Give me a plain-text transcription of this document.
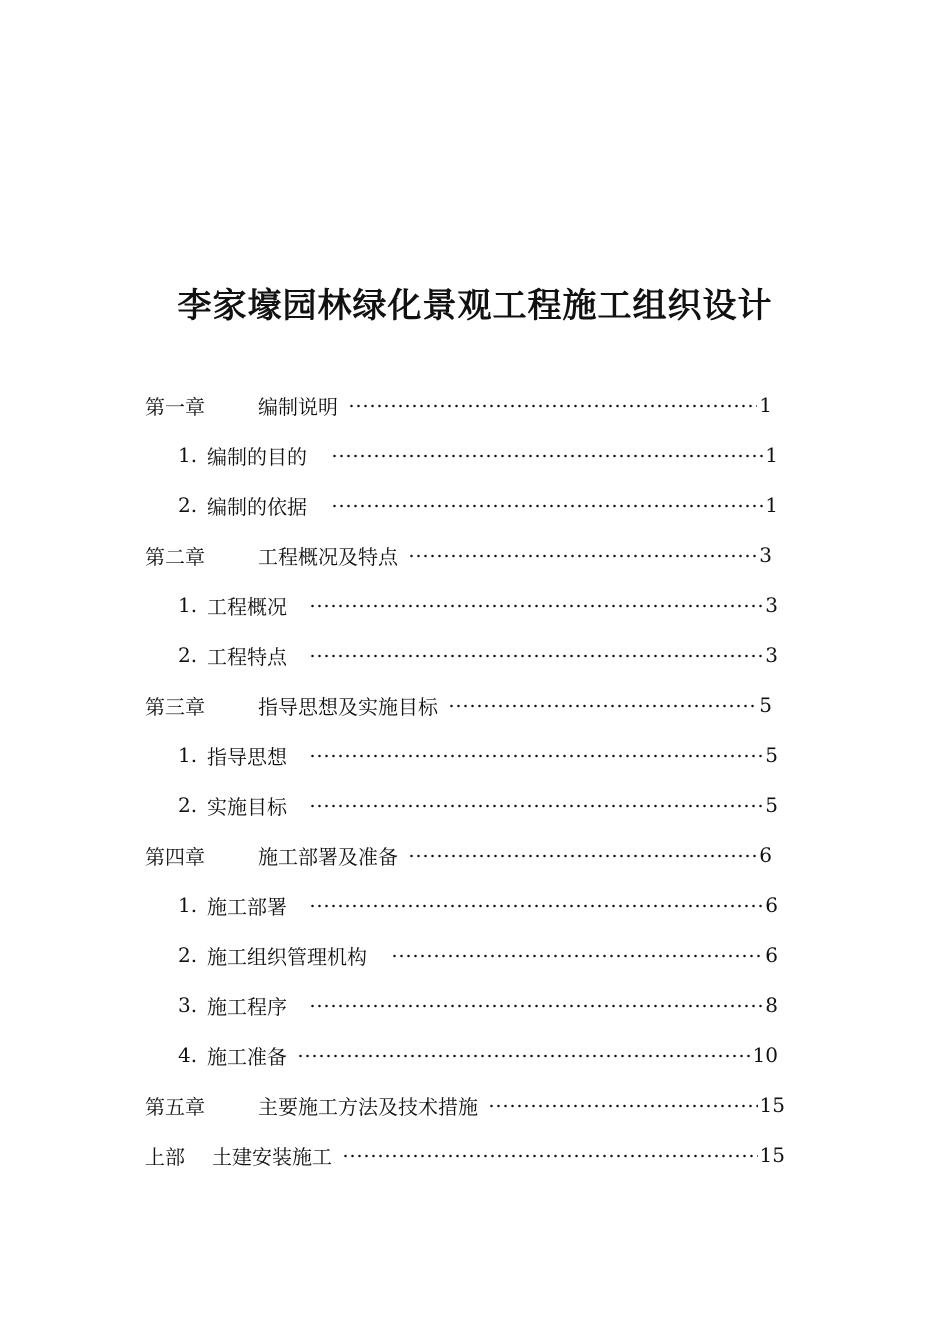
李家壕园林绿化景观工程施工组织设计
第一章	编制说明	1
1. 编制的目的	1
2. 编制的依据	1
第二章	工程概况及特点	3
1. 工程概况	3
2. 工程特点	3
第三章	指导思想及实施目标	5
1. 指导思想	5
2. 实施目标	5
第四章	施工部署及准备	6
1. 施工部署	6
2. 施工组织管理机构	6
3. 施工程序	8
4. 施工准备	10
第五章	主要施工方法及技术措施	15
上部	土建安装施工	15
